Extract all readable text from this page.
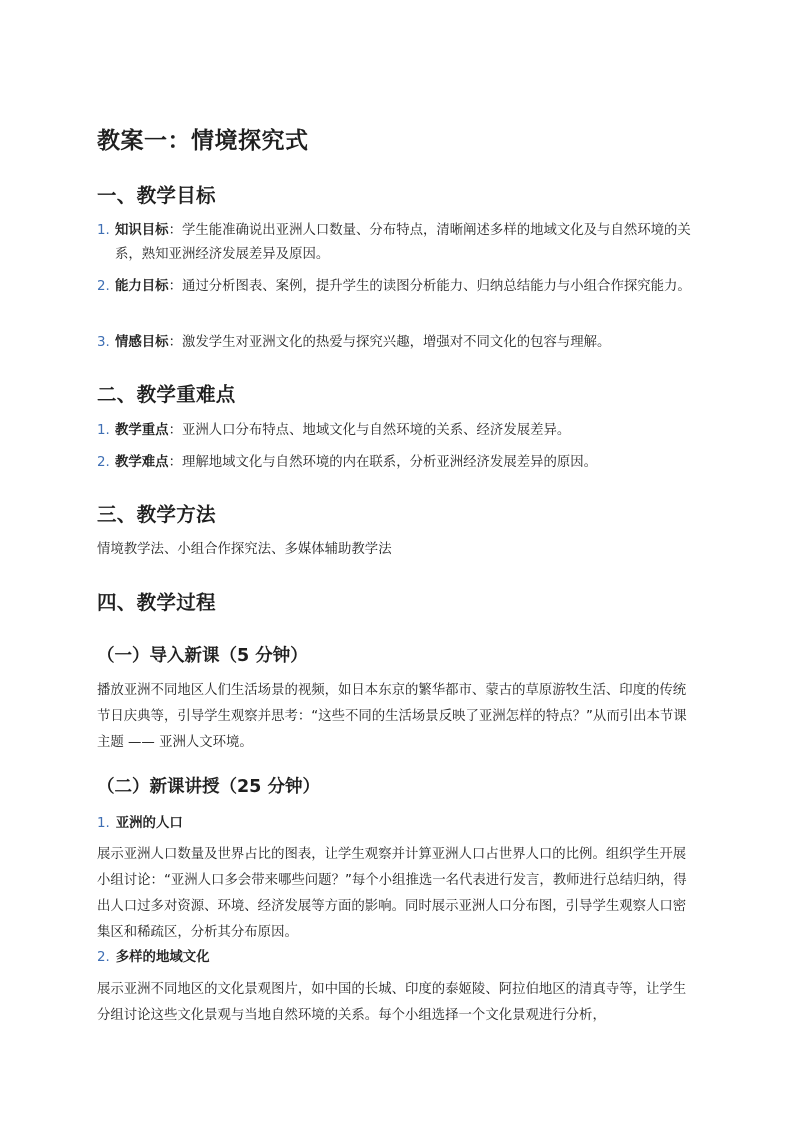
教案一：情境探究式
一、教学目标
1. 知识目标：学生能准确说出亚洲人口数量、分布特点，清晰阐述多样的地域文化及与自然环境的关系，熟知亚洲经济发展差异及原因。
2. 能力目标：通过分析图表、案例，提升学生的读图分析能力、归纳总结能力与小组合作探究能力。
3. 情感目标：激发学生对亚洲文化的热爱与探究兴趣，增强对不同文化的包容与理解。
二、教学重难点
1. 教学重点：亚洲人口分布特点、地域文化与自然环境的关系、经济发展差异。
2. 教学难点：理解地域文化与自然环境的内在联系，分析亚洲经济发展差异的原因。
三、教学方法
情境教学法、小组合作探究法、多媒体辅助教学法
四、教学过程
（一）导入新课（5 分钟）
播放亚洲不同地区人们生活场景的视频，如日本东京的繁华都市、蒙古的草原游牧生活、印度的传统节日庆典等，引导学生观察并思考：“这些不同的生活场景反映了亚洲怎样的特点？”从而引出本节课主题 —— 亚洲人文环境。
（二）新课讲授（25 分钟）
1. 亚洲的人口
展示亚洲人口数量及世界占比的图表，让学生观察并计算亚洲人口占世界人口的比例。组织学生开展小组讨论：“亚洲人口多会带来哪些问题？”每个小组推选一名代表进行发言，教师进行总结归纳，得出人口过多对资源、环境、经济发展等方面的影响。同时展示亚洲人口分布图，引导学生观察人口密集区和稀疏区，分析其分布原因。
2. 多样的地域文化
展示亚洲不同地区的文化景观图片，如中国的长城、印度的泰姬陵、阿拉伯地区的清真寺等，让学生分组讨论这些文化景观与当地自然环境的关系。每个小组选择一个文化景观进行分析，
